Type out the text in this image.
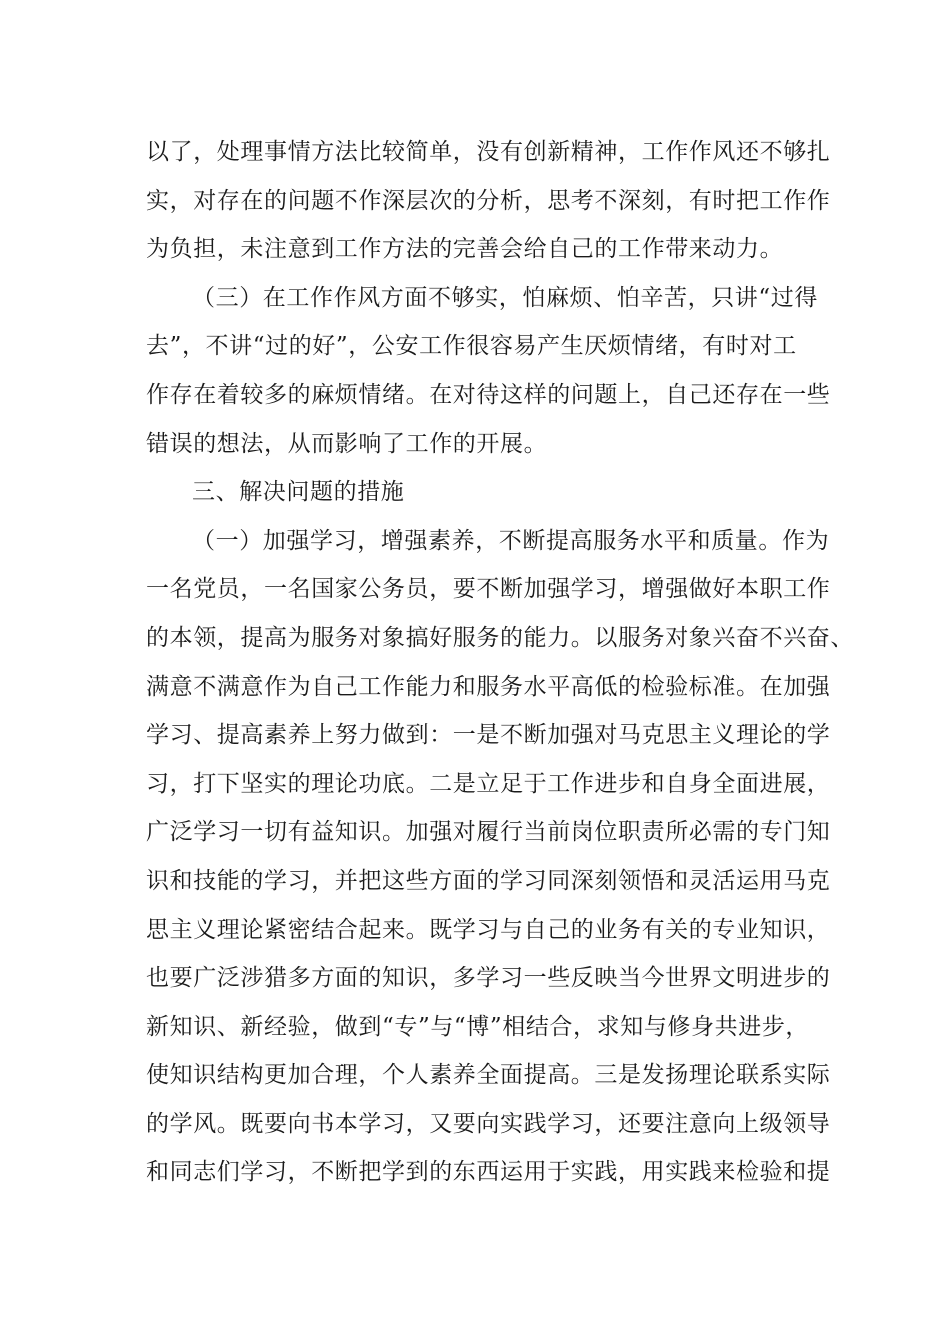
以了，处理事情方法比较简单，没有创新精神，工作作风还不够扎
实，对存在的问题不作深层次的分析，思考不深刻，有时把工作作
为负担，未注意到工作方法的完善会给自己的工作带来动力。
（三）在工作作风方面不够实，怕麻烦、怕辛苦，只讲“过得
去”，不讲“过的好”，公安工作很容易产生厌烦情绪，有时对工
作存在着较多的麻烦情绪。在对待这样的问题上，自己还存在一些
错误的想法，从而影响了工作的开展。
三、解决问题的措施
（一）加强学习，增强素养，不断提高服务水平和质量。作为
一名党员，一名国家公务员，要不断加强学习，增强做好本职工作
的本领，提高为服务对象搞好服务的能力。以服务对象兴奋不兴奋、
满意不满意作为自己工作能力和服务水平高低的检验标准。在加强
学习、提高素养上努力做到：一是不断加强对马克思主义理论的学
习，打下坚实的理论功底。二是立足于工作进步和自身全面进展，
广泛学习一切有益知识。加强对履行当前岗位职责所必需的专门知
识和技能的学习，并把这些方面的学习同深刻领悟和灵活运用马克
思主义理论紧密结合起来。既学习与自己的业务有关的专业知识，
也要广泛涉猎多方面的知识，多学习一些反映当今世界文明进步的
新知识、新经验，做到“专”与“博”相结合，求知与修身共进步，
使知识结构更加合理，个人素养全面提高。三是发扬理论联系实际
的学风。既要向书本学习，又要向实践学习，还要注意向上级领导
和同志们学习，不断把学到的东西运用于实践，用实践来检验和提
